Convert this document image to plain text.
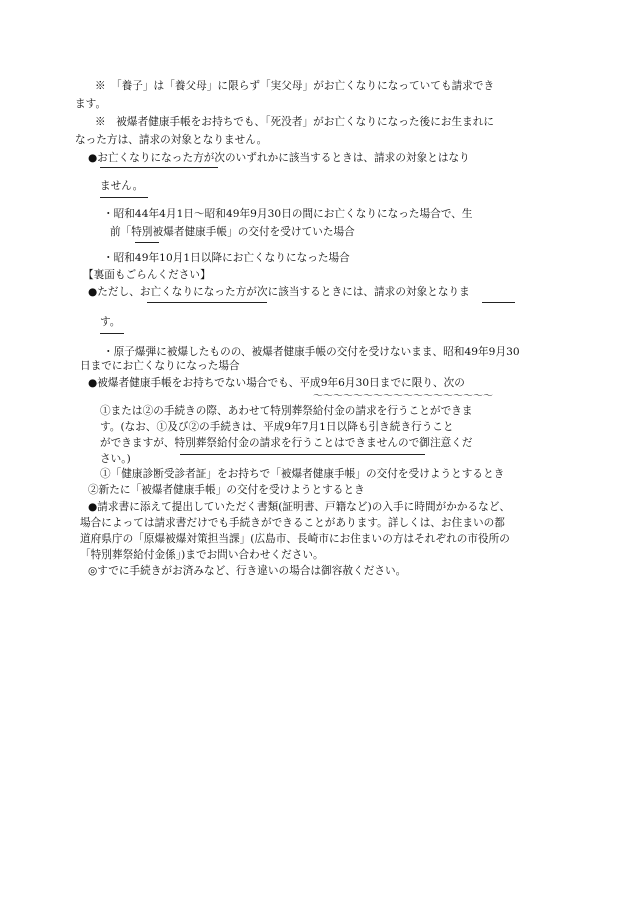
※　「養子」は「養父母」に限らず「実父母」がお亡くなりになっていても請求でき
ます。
※　被爆者健康手帳をお持ちでも、「死没者」がお亡くなりになった後にお生まれに
なった方は、請求の対象となりません。
●お亡くなりになった方が次のいずれかに該当するときは、請求の対象とはなり
ません。
・昭和44年4月1日～昭和49年9月30日の間にお亡くなりになった場合で、生
前「特別被爆者健康手帳」の交付を受けていた場合
・昭和49年10月1日以降にお亡くなりになった場合
【裏面もごらんください】
●ただし、お亡くなりになった方が次に該当するときには、請求の対象となりま
す。
・原子爆弾に被爆したものの、被爆者健康手帳の交付を受けないまま、昭和49年9月30
日までにお亡くなりになった場合
●被爆者健康手帳をお持ちでない場合でも、平成9年6月30日までに限り、次の
〜〜〜〜〜〜〜〜〜〜〜〜〜〜〜〜〜〜
①または②の手続きの際、あわせて特別葬祭給付金の請求を行うことができま
す。(なお、①及び②の手続きは、平成9年7月1日以降も引き続き行うこと
ができますが、特別葬祭給付金の請求を行うことはできませんので御注意くだ
さい。)
①「健康診断受診者証」をお持ちで「被爆者健康手帳」の交付を受けようとするとき
②新たに「被爆者健康手帳」の交付を受けようとするとき
●請求書に添えて提出していただく書類(証明書、戸籍など)の入手に時間がかかるなど、
場合によっては請求書だけでも手続きができることがあります。詳しくは、お住まいの都
道府県庁の「原爆被爆対策担当課」(広島市、長崎市にお住まいの方はそれぞれの市役所の
「特別葬祭給付金係」)までお問い合わせください。
◎すでに手続きがお済みなど、行き違いの場合は御容赦ください。
